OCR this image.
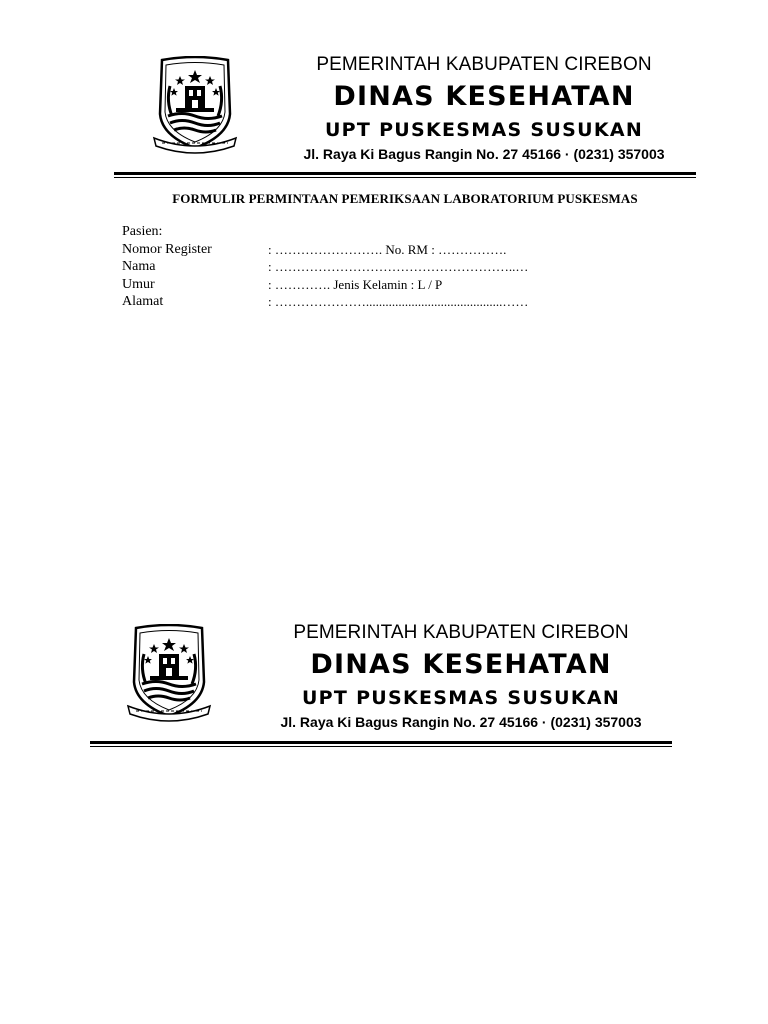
PEMERINTAH KABUPATEN CIREBON
DINAS KESEHATAN
UPT PUSKESMAS SUSUKAN
Jl. Raya Ki Bagus Rangin No. 27 45166 · (0231) 357003
FORMULIR PERMINTAAN PEMERIKSAAN LABORATORIUM PUSKESMAS
Pasien:
Nomor Register	: ……………………. No. RM : …………….
Nama	: ………………………………………………..…
Umur	: …………. Jenis Kelamin : L / P
Alamat	: …………………..........................................……
PEMERINTAH KABUPATEN CIREBON
DINAS KESEHATAN
UPT PUSKESMAS SUSUKAN
Jl. Raya Ki Bagus Rangin No. 27 45166 · (0231) 357003
